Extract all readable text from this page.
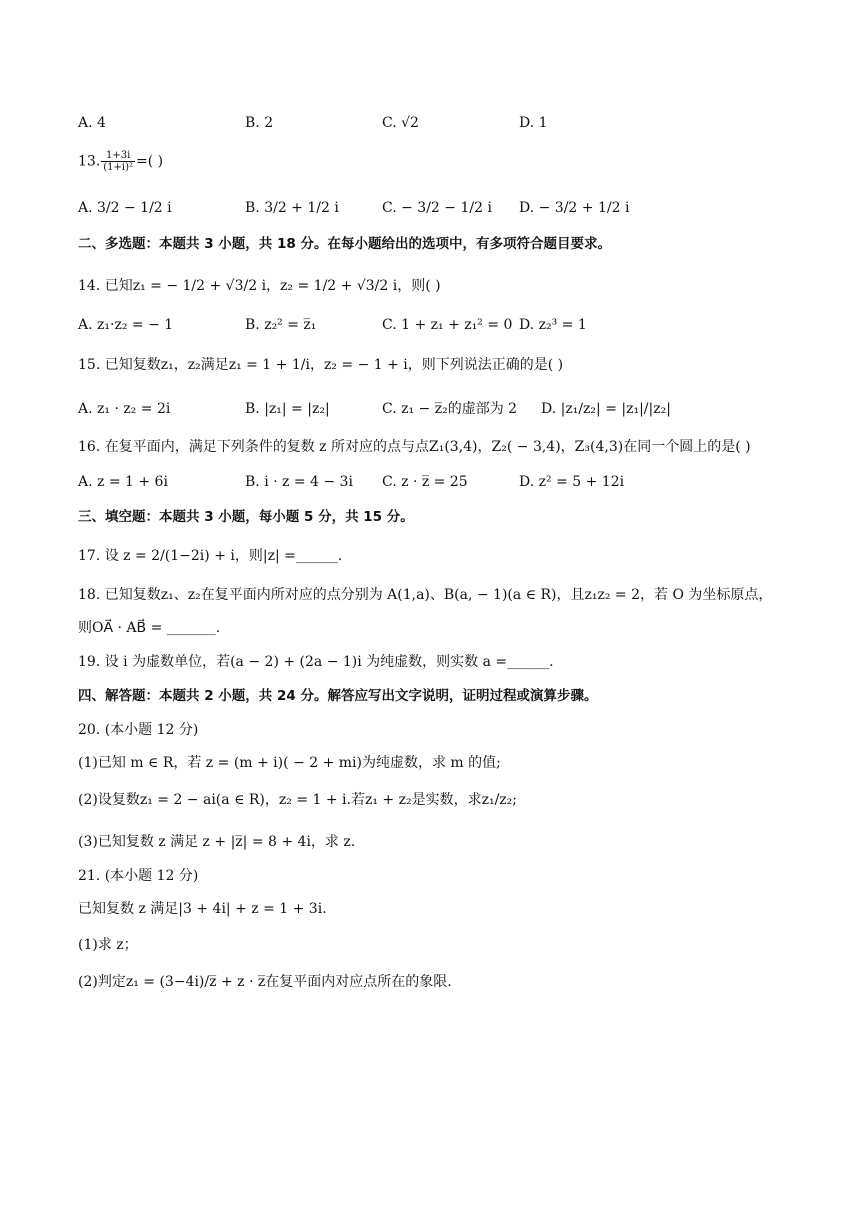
A. 4	B. 2	C. √2	D. 1
13. $\frac{1+3i}{\text{(1+i)²}}$ =( )
A. 3/2 − 1/2 i	B. 3/2 + 1/2 i	C. − 3/2 − 1/2 i D. − 3/2 + 1/2 i
二、多选题：本题共 3 小题，共 18 分。在每小题给出的选项中，有多项符合题目要求。
14. 已知z₁ = − 1/2 + √3/2 i，z₂ = 1/2 + √3/2 i，则( )
A. z₁·z₂ = − 1	B. z₂² = z̅₁	C. 1 + z₁ + z₁² = 0 D. z₂³ = 1
15. 已知复数z₁，z₂满足z₁ = 1 + 1/i，z₂ = − 1 + i，则下列说法正确的是( )
A. z₁ · z₂ = 2i	B. |z₁| = |z₂|	C. z₁ − z̅₂的虚部为 2 D. |z₁/z₂| = |z₁|/|z₂|
16. 在复平面内，满足下列条件的复数 z 所对应的点与点Z₁(3,4)，Z₂( − 3,4)，Z₃(4,3)在同一个圆上的是( )
A. z = 1 + 6i	B. i · z = 4 − 3i C. z · z̅ = 25	D. z² = 5 + 12i
三、填空题：本题共 3 小题，每小题 5 分，共 15 分。
17. 设 z = 2/(1−2i) + i，则|z| =______.
18. 已知复数z₁、z₂在复平面内所对应的点分别为 A(1,a)、B(a, − 1)(a ∈ R)，且z₁z₂ = 2，若 O 为坐标原点，
则OA⃗ · AB⃗ = _______.
19. 设 i 为虚数单位，若(a − 2) + (2a − 1)i 为纯虚数，则实数 a =______.
四、解答题：本题共 2 小题，共 24 分。解答应写出文字说明，证明过程或演算步骤。
20. (本小题 12 分)
(1)已知 m ∈ R，若 z = (m + i)( − 2 + mi)为纯虚数，求 m 的值;
(2)设复数z₁ = 2 − ai(a ∈ R)，z₂ = 1 + i.若z₁ + z₂是实数，求z₁/z₂;
(3)已知复数 z 满足 z + |z̅| = 8 + 4i，求 z.
21. (本小题 12 分)
已知复数 z 满足|3 + 4i| + z = 1 + 3i.
(1)求 z；
(2)判定z₁ = (3−4i)/z̅ + z · z̅在复平面内对应点所在的象限.
